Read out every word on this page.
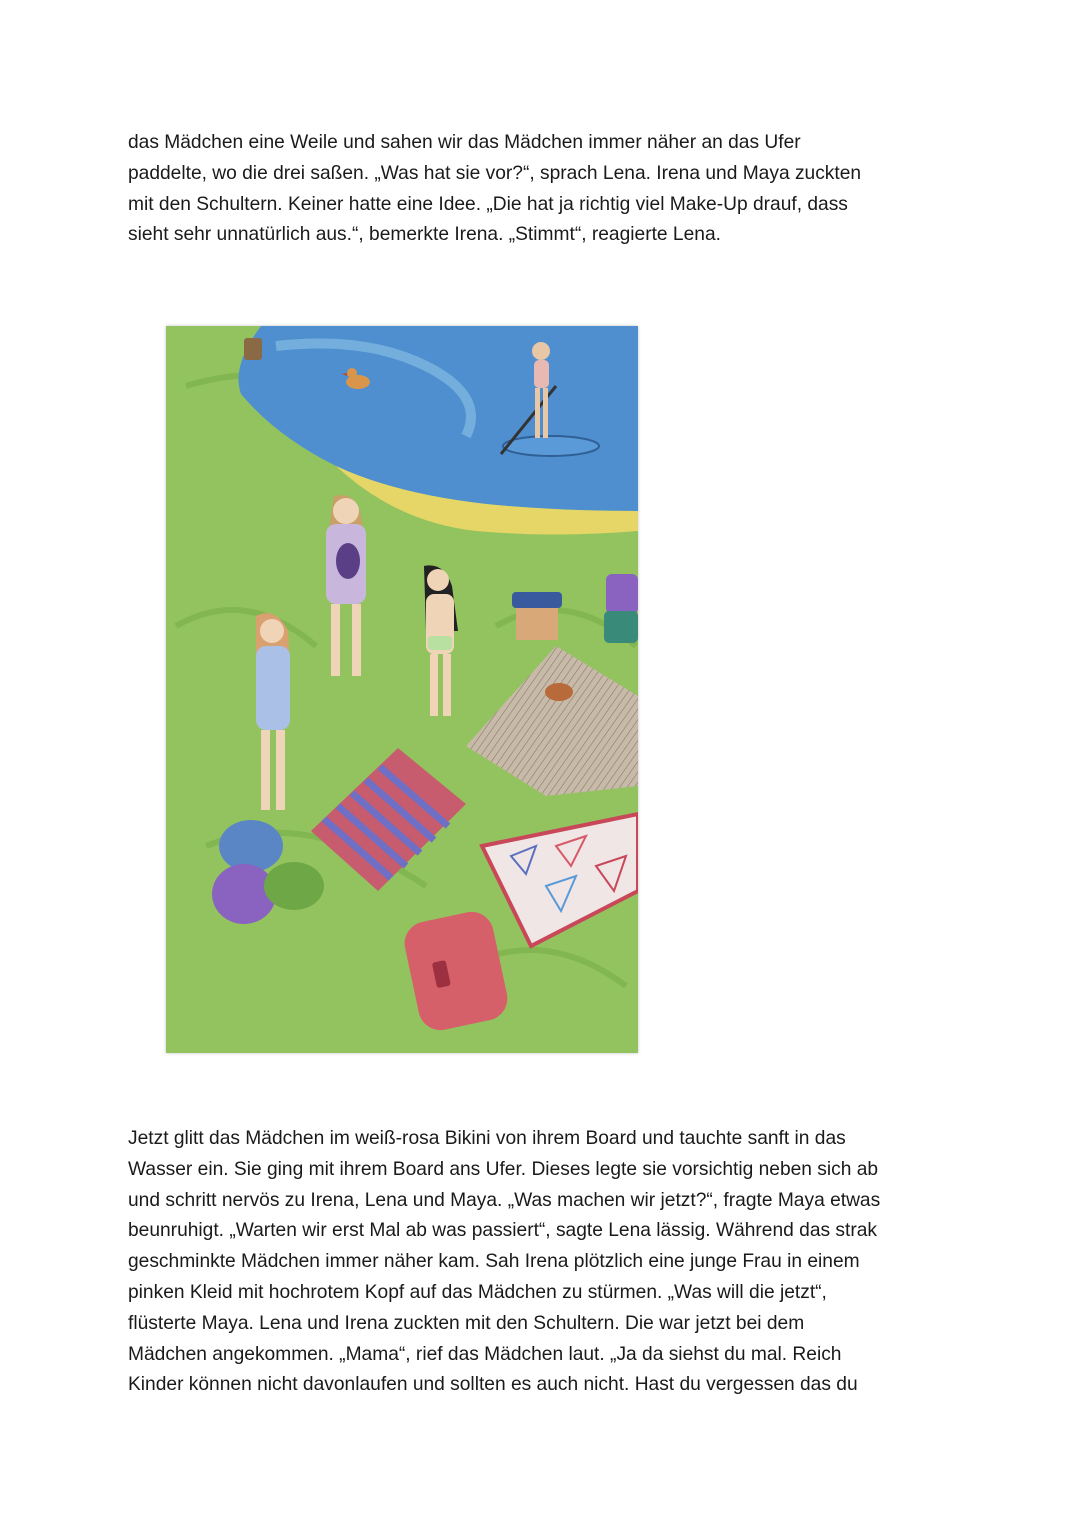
das Mädchen eine Weile und sahen wir das Mädchen immer näher an das Ufer
paddelte, wo die drei saßen. „Was hat sie vor?“, sprach Lena. Irena und Maya zuckten
mit den Schultern. Keiner hatte eine Idee. „Die hat ja richtig viel Make-Up drauf, dass
sieht sehr unnatürlich aus.“, bemerkte Irena. „Stimmt“, reagierte Lena.
Jetzt glitt das Mädchen im weiß-rosa Bikini von ihrem Board und tauchte sanft in das
Wasser ein. Sie ging mit ihrem Board ans Ufer. Dieses legte sie vorsichtig neben sich ab
und schritt nervös zu Irena, Lena und Maya. „Was machen wir jetzt?“, fragte Maya etwas
beunruhigt. „Warten wir erst Mal ab was passiert“, sagte Lena lässig. Während das strak
geschminkte Mädchen immer näher kam. Sah Irena plötzlich eine junge Frau in einem
pinken Kleid mit hochrotem Kopf auf das Mädchen zu stürmen. „Was will die jetzt“,
flüsterte Maya. Lena und Irena zuckten mit den Schultern. Die war jetzt bei dem
Mädchen angekommen. „Mama“, rief das Mädchen laut. „Ja da siehst du mal. Reich
Kinder können nicht davonlaufen und sollten es auch nicht. Hast du vergessen das du
